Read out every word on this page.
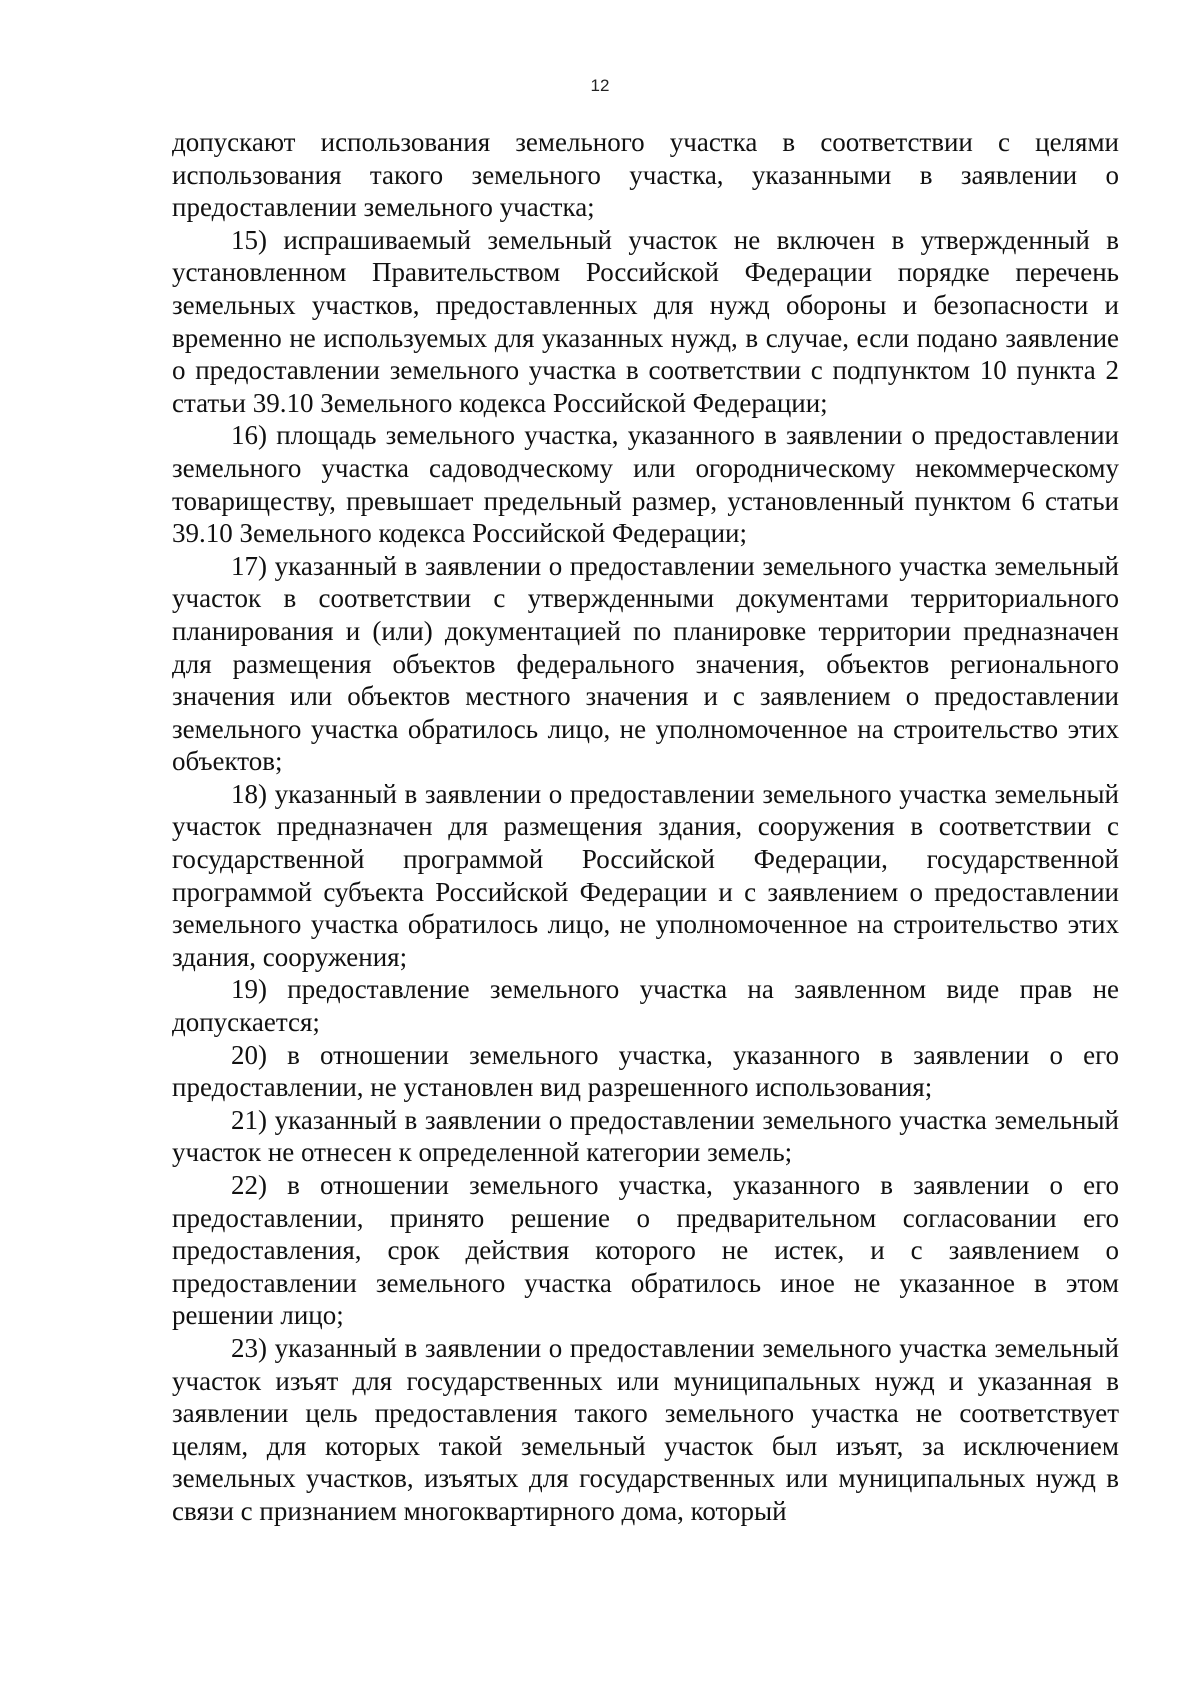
12

допускают использования земельного участка в соответствии с целями использования такого земельного участка, указанными в заявлении о предоставлении земельного участка;

15) испрашиваемый земельный участок не включен в утвержденный в установленном Правительством Российской Федерации порядке перечень земельных участков, предоставленных для нужд обороны и безопасности и временно не используемых для указанных нужд, в случае, если подано заявление о предоставлении земельного участка в соответствии с подпунктом 10 пункта 2 статьи 39.10 Земельного кодекса Российской Федерации;

16) площадь земельного участка, указанного в заявлении о предоставлении земельного участка садоводческому или огородническому некоммерческому товариществу, превышает предельный размер, установленный пунктом 6 статьи 39.10 Земельного кодекса Российской Федерации;

17) указанный в заявлении о предоставлении земельного участка земельный участок в соответствии с утвержденными документами территориального планирования и (или) документацией по планировке территории предназначен для размещения объектов федерального значения, объектов регионального значения или объектов местного значения и с заявлением о предоставлении земельного участка обратилось лицо, не уполномоченное на строительство этих объектов;

18) указанный в заявлении о предоставлении земельного участка земельный участок предназначен для размещения здания, сооружения в соответствии с государственной программой Российской Федерации, государственной программой субъекта Российской Федерации и с заявлением о предоставлении земельного участка обратилось лицо, не уполномоченное на строительство этих здания, сооружения;

19) предоставление земельного участка на заявленном виде прав не допускается;

20) в отношении земельного участка, указанного в заявлении о его предоставлении, не установлен вид разрешенного использования;

21) указанный в заявлении о предоставлении земельного участка земельный участок не отнесен к определенной категории земель;

22) в отношении земельного участка, указанного в заявлении о его предоставлении, принято решение о предварительном согласовании его предоставления, срок действия которого не истек, и с заявлением о предоставлении земельного участка обратилось иное не указанное в этом решении лицо;

23) указанный в заявлении о предоставлении земельного участка земельный участок изъят для государственных или муниципальных нужд и указанная в заявлении цель предоставления такого земельного участка не соответствует целям, для которых такой земельный участок был изъят, за исключением земельных участков, изъятых для государственных или муниципальных нужд в связи с признанием многоквартирного дома, который
